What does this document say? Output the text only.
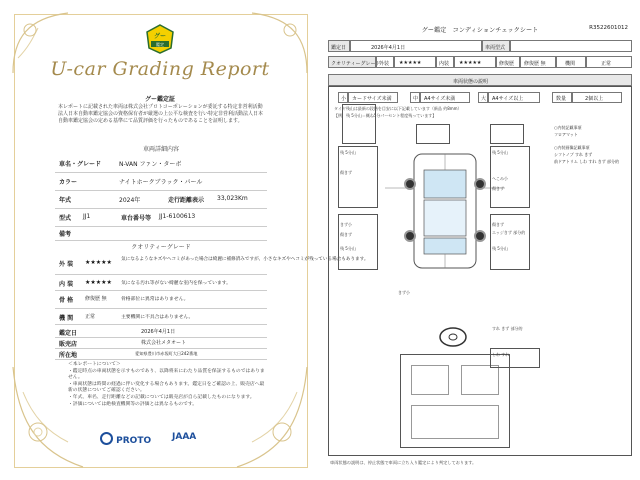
グー
鑑定
U-car Grading Report
グー鑑定証
本レポートに記載された車両は株式会社プロトコーポレーションが委託する特定非営利活動法人日本自動車鑑定協会の資格保有者が厳選の上公平な検査を行い特定非営利活動法人日本自動車鑑定協会の定める基準にて品質評価を行ったものであることを証明します。
車両詳細内容
車名・グレード	N-VAN ファン・ターボ
カラー	ナイトホークブラック・パール
年式	2024年	走行距離表示 33,023Km
型式 JJ1	車台番号等 JJ1-6100613
備考
クオリティーグレード
外 装 ★★★★★ 気になるようなキズやヘコミがあった場合は綺麗に補修済みですが、小さなキズやヘコミが残っている場合もあります。
内 装 ★★★★★ 気になる汚れ等がない綺麗な室内を保っています。
骨 格 修復歴 無	骨格部位に異常はありません。
機 関 正常	主要機関に不具合はありません。
鑑定日	2026年4月1日
販売店	株式会社メタオート
所在地	愛知県豊川市赤坂町大日242番地
＜本レポートについて＞
・鑑定時点の車両状態を示すものであり、以降将来にわたり品質を保証するものではありません。
・車両状態は時間の経過に伴い変化する場合もあります。鑑定日をご確認の上、販売店へ最新の状態についてご確認ください。
・年式、車名、走行距離などの記載については販売店が自ら記載したものになります。
・評価については絶検査機関等の評価とは異なるものです。
PROTO JAAA
グー鑑定　コンディションチェックシート	R3522601012
鑑定日	2026年4月1日	車両型式
クオリティーグレード
外装 ★★★★★	内装 ★★★★★	修復歴 修復歴 無	機関	正常
車両状態の説明
小 カードサイズ未満	中 A4サイズ未満	大 A4サイズ以上	数量	2個以上
タイヤ残山は最新の段階を目安に以下記載しています（新品 約8mm）
【例　残 5分山＝概ね5分パーセント程度残っています】
残 5分山
傷きず
残 5分山
へこみ小
傷きず
きず小
傷きず
残 5分山	残 5分山
傷きず
エッジきず 部分的
きず小
○内装記載事項
フロアマット
○内装画像記載事項
シフトノブ すれ きず
前ドアトリム しわ すれ きず 部分的
すれ きず 部分的
しわ すれ
車両状態の説明は、停止状態で車両に立ち入り鑑定により判定しております。
